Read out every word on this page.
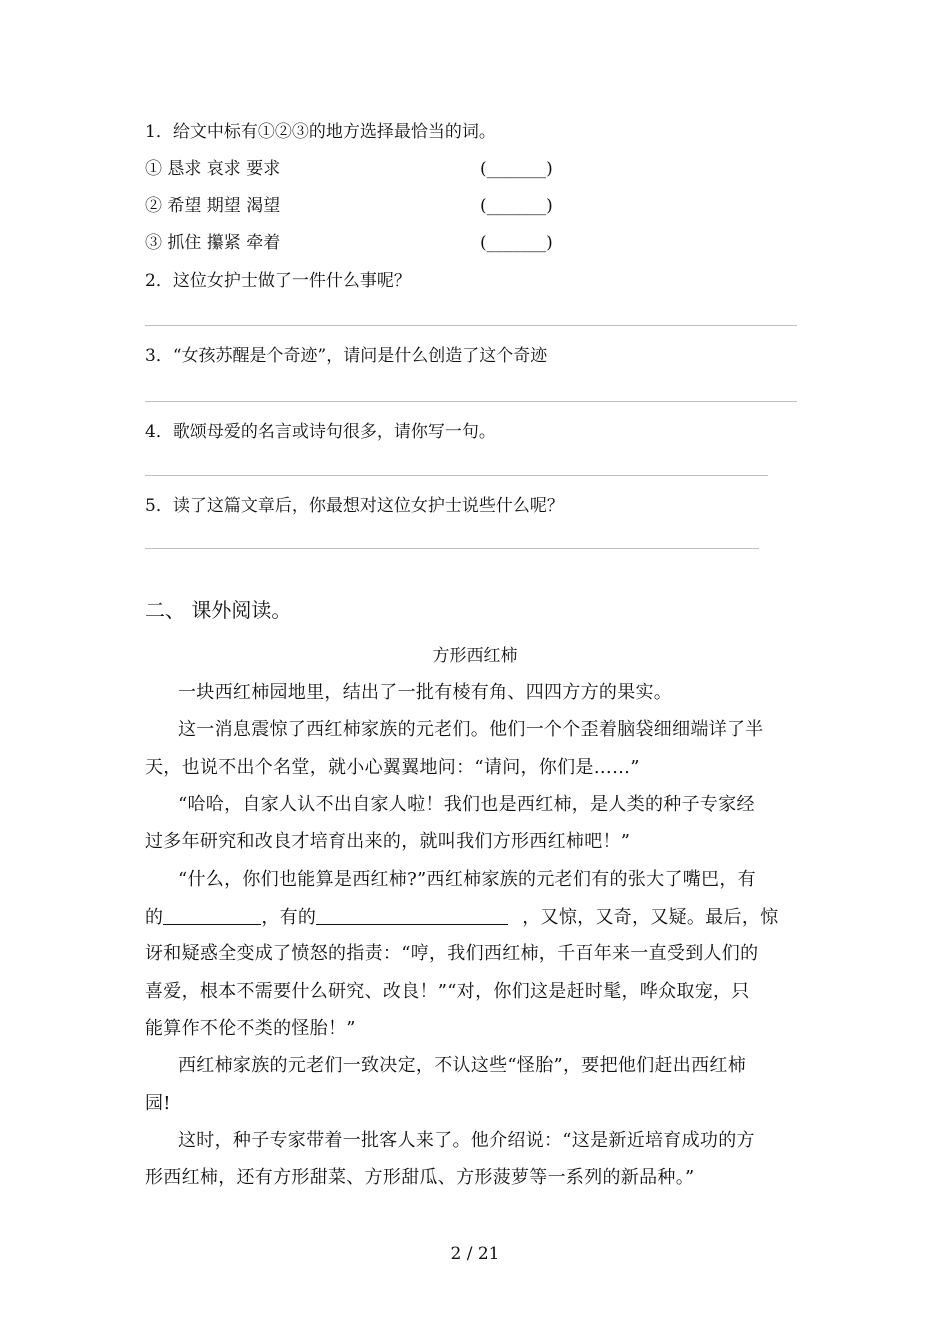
1．给文中标有①②③的地方选择最恰当的词。
① 恳求 哀求 要求	(_______)
② 希望 期望 渴望	(_______)
③ 抓住 攥紧 牵着	(_______)
2．这位女护士做了一件什么事呢？
3．“女孩苏醒是个奇迹”，请问是什么创造了这个奇迹
4．歌颂母爱的名言或诗句很多，请你写一句。
5．读了这篇文章后，你最想对这位女护士说些什么呢？
二、 课外阅读。
方形西红柿
一块西红柿园地里，结出了一批有棱有角、四四方方的果实。
这一消息震惊了西红柿家族的元老们。他们一个个歪着脑袋细细端详了半
天，也说不出个名堂，就小心翼翼地问：“请问，你们是……”
“哈哈，自家人认不出自家人啦！我们也是西红柿，是人类的种子专家经
过多年研究和改良才培育出来的，就叫我们方形西红柿吧！”
“什么，你们也能算是西红柿?”西红柿家族的元老们有的张大了嘴巴，有
的	，有的	，又惊，又奇，又疑。最后，惊
讶和疑惑全变成了愤怒的指责：“哼，我们西红柿，千百年来一直受到人们的
喜爱，根本不需要什么研究、改良！”“对，你们这是赶时髦，哗众取宠，只
能算作不伦不类的怪胎！”
西红柿家族的元老们一致决定，不认这些“怪胎”，要把他们赶出西红柿
园!
这时，种子专家带着一批客人来了。他介绍说：“这是新近培育成功的方
形西红柿，还有方形甜菜、方形甜瓜、方形菠萝等一系列的新品种。”
2 / 21
